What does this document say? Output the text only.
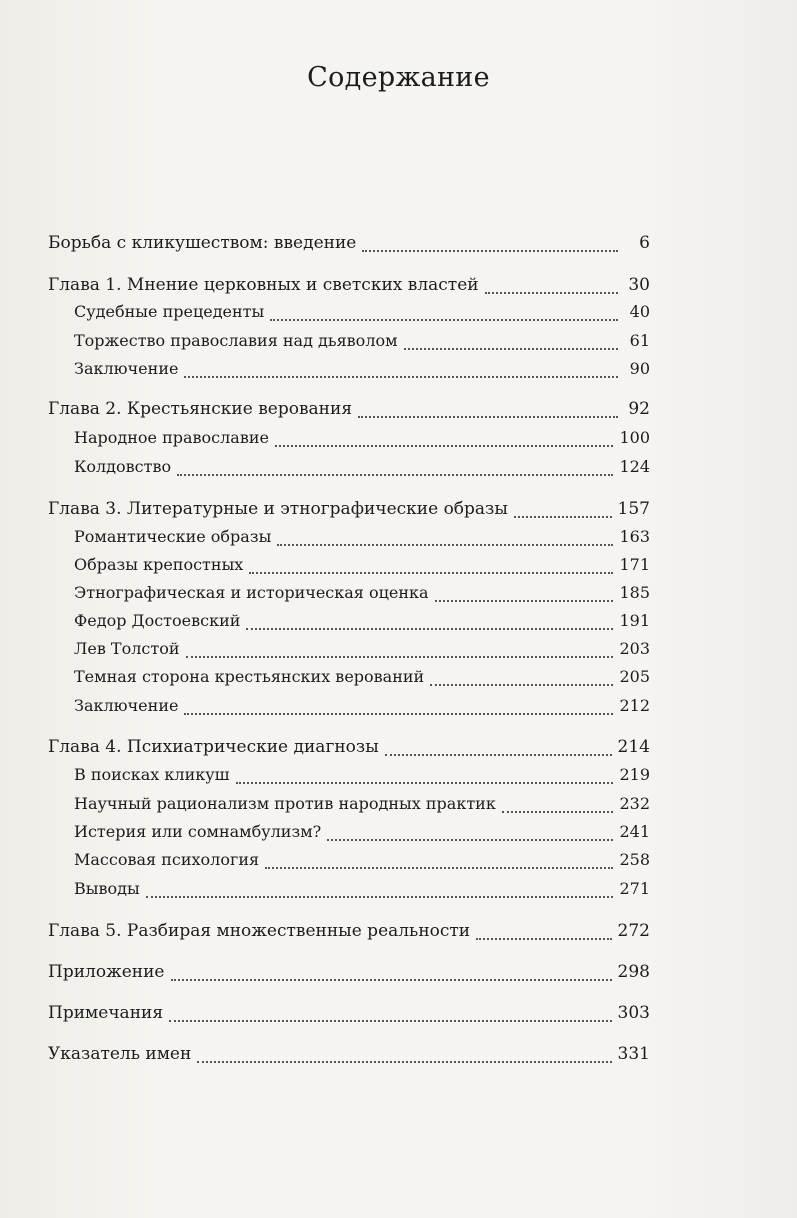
Содержание
Борьба с кликушеством: введение	6
Глава 1. Мнение церковных и светских властей	30
Судебные прецеденты	40
Торжество православия над дьяволом	61
Заключение	90
Глава 2. Крестьянские верования	92
Народное православие	100
Колдовство	124
Глава 3. Литературные и этнографические образы	157
Романтические образы	163
Образы крепостных	171
Этнографическая и историческая оценка	185
Федор Достоевский	191
Лев Толстой	203
Темная сторона крестьянских верований	205
Заключение	212
Глава 4. Психиатрические диагнозы	214
В поисках кликуш	219
Научный рационализм против народных практик	232
Истерия или сомнамбулизм?	241
Массовая психология	258
Выводы	271
Глава 5. Разбирая множественные реальности	272
Приложение	298
Примечания	303
Указатель имен	331
